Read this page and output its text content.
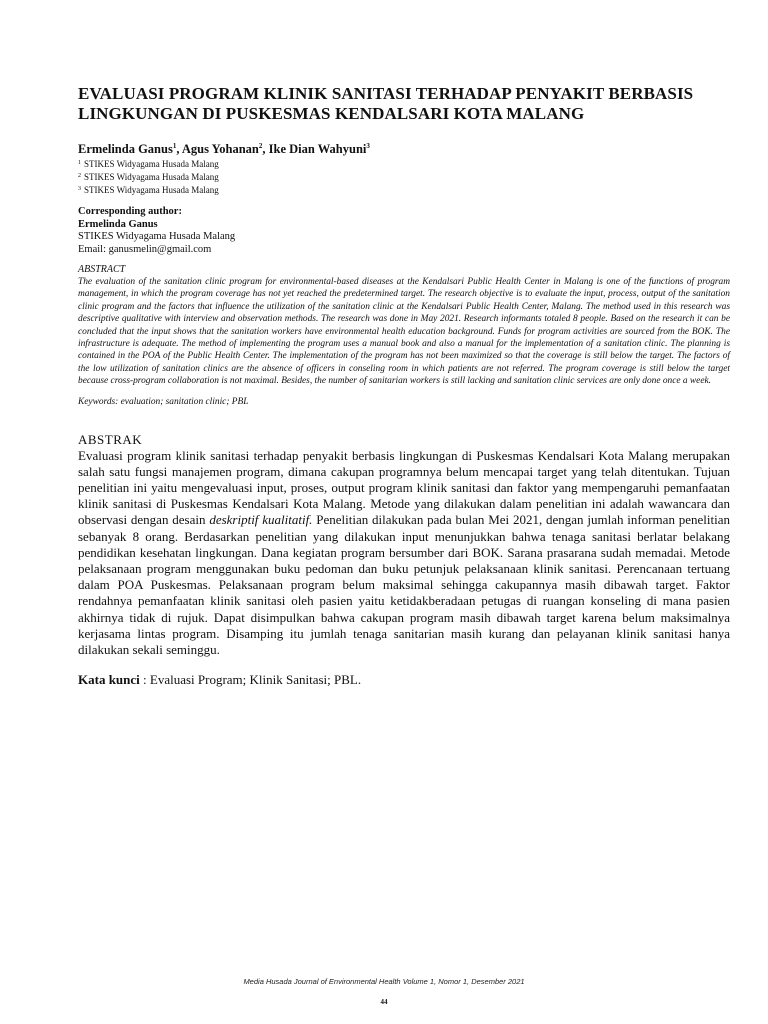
EVALUASI PROGRAM KLINIK SANITASI TERHADAP PENYAKIT BERBASIS LINGKUNGAN DI PUSKESMAS KENDALSARI KOTA MALANG
Ermelinda Ganus$^1$, Agus Yohanan$^2$, Ike Dian Wahyuni$^3$
$^1$ STIKES Widyagama Husada Malang
$^2$ STIKES Widyagama Husada Malang
$^3$ STIKES Widyagama Husada Malang
Corresponding author:
Ermelinda Ganus
STIKES Widyagama Husada Malang
Email: ganusmelin@gmail.com
ABSTRACT

The evaluation of the sanitation clinic program for environmental-based diseases at the Kendalsari Public Health Center in Malang is one of the functions of program management, in which the program coverage has not yet reached the predetermined target. The research objective is to evaluate the input, process, output of the sanitation clinic program and the factors that influence the utilization of the sanitation clinic at the Kendalsari Public Health Center, Malang. The method used in this research was descriptive qualitative with interview and observation methods. The research was done in May 2021. Research informants totaled 8 people. Based on the research it can be concluded that the input shows that the sanitation workers have environmental health education background. Funds for program activities are sourced from the BOK. The infrastructure is adequate. The method of implementing the program uses a manual book and also a manual for the implementation of a sanitation clinic. The planning is contained in the POA of the Public Health Center. The implementation of the program has not been maximized so that the coverage is still below the target. The factors of the low utilization of sanitation clinics are the absence of officers in conseling room in which patients are not referred. The program coverage is still below the target because cross-program collaboration is not maximal. Besides, the number of sanitarian workers is still lacking and sanitation clinic services are only done once a week.

Keywords: evaluation; sanitation clinic; PBL
ABSTRAK

Evaluasi program klinik sanitasi terhadap penyakit berbasis lingkungan di Puskesmas Kendalsari Kota Malang merupakan salah satu fungsi manajemen program, dimana cakupan programnya belum mencapai target yang telah ditentukan. Tujuan penelitian ini yaitu mengevaluasi input, proses, output program klinik sanitasi dan faktor yang mempengaruhi pemanfaatan klinik sanitasi di Puskesmas Kendalsari Kota Malang. Metode yang dilakukan dalam penelitian ini adalah wawancara dan observasi dengan desain deskriptif kualitatif. Penelitian dilakukan pada bulan Mei 2021, dengan jumlah informan penelitian sebanyak 8 orang. Berdasarkan penelitian yang dilakukan input menunjukkan bahwa tenaga sanitasi berlatar belakang pendidikan kesehatan lingkungan. Dana kegiatan program bersumber dari BOK. Sarana prasarana sudah memadai. Metode pelaksanaan program menggunakan buku pedoman dan buku petunjuk pelaksanaan klinik sanitasi. Perencanaan tertuang dalam POA Puskesmas. Pelaksanaan program belum maksimal sehingga cakupannya masih dibawah target. Faktor rendahnya pemanfaatan klinik sanitasi oleh pasien yaitu ketidakberadaan petugas di ruangan konseling di mana pasien akhirnya tidak di rujuk. Dapat disimpulkan bahwa cakupan program masih dibawah target karena belum maksimalnya kerjasama lintas program. Disamping itu jumlah tenaga sanitarian masih kurang dan pelayanan klinik sanitasi hanya dilakukan sekali seminggu.

Kata kunci : Evaluasi Program; Klinik Sanitasi; PBL.
Media Husada Journal of Environmental Health Volume 1, Nomor 1, Desember 2021
44
